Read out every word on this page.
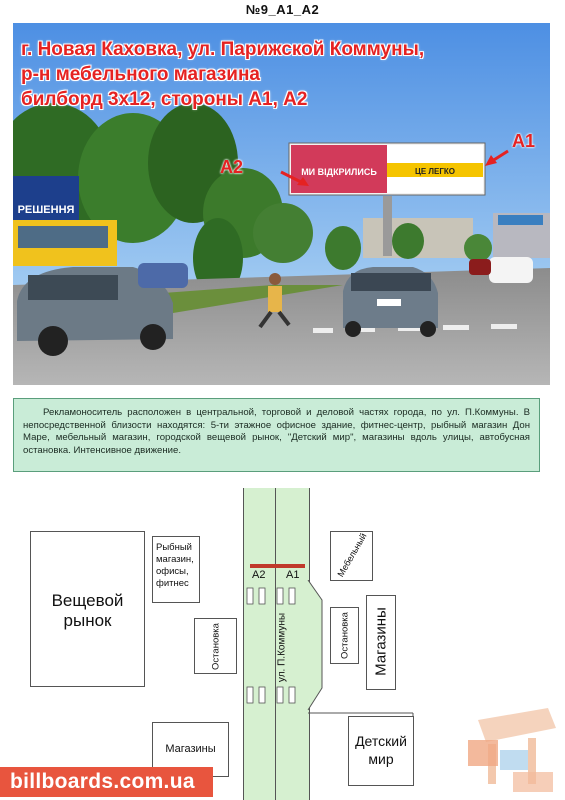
№9_A1_A2
РЕШЕННЯ
МИ ВІДКРИЛИСЬ	ЦЕ ЛЕГКО
г. Новая Каховка, ул. Парижской Коммуны,
р-н мебельного магазина
билборд 3х12, стороны А1, А2
А2
А1
Рекламоноситель расположен в центральной, торговой и деловой частях города, по ул. П.Коммуны. В непосредственной близости находятся: 5-ти этажное офисное здание, фитнес-центр, рыбный магазин Дон Маре, мебельный магазин, городской вещевой рынок, "Детский мир", магазины вдоль улицы, автобусная остановка. Интенсивное движение.
А2 А1
ул. П.Коммуны
Вещевой
рынок
Рыбный
магазин,
офисы,
фитнес
Остановка
Мебельный
Остановка Магазины
Магазины	Детский
мир
billboards.com.ua
